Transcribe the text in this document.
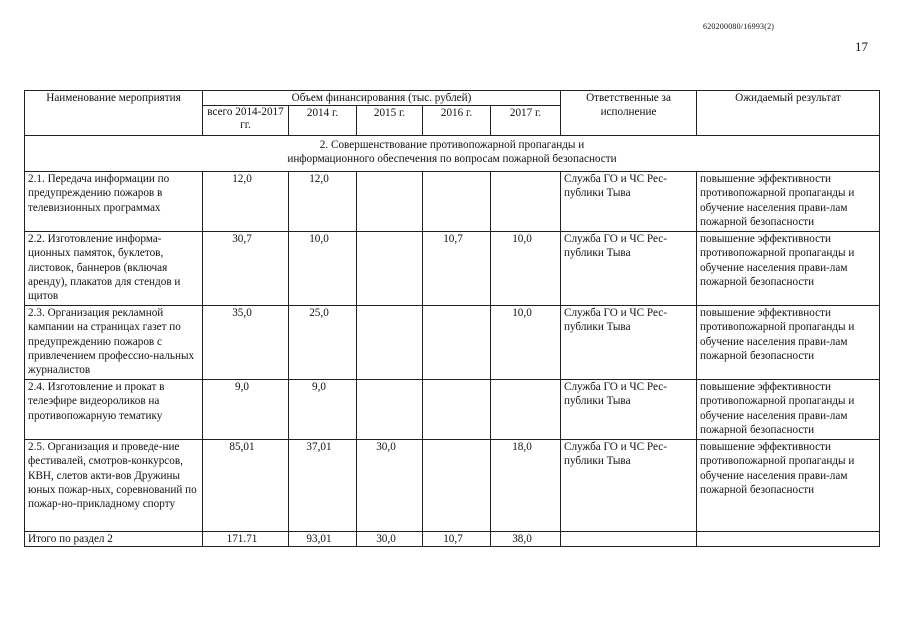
620200080/16993(2)
17
Наименование мероприятия	Объем финансирования (тыс. рублей)					Ответственные за исполнение	Ожидаемый результат
	всего 2014-2017 гг.	2014 г.	2015 г.	2016 г.	2017 г.		
2. Совершенствование противопожарной пропаганды и информационного обеспечения по вопросам пожарной безопасности							
2.1. Передача информации по предупреждению пожаров в телевизионных программах	12,0	12,0				Служба ГО и ЧС Рес-публики Тыва	повышение эффективности противопожарной пропаганды и обучение населения прави-лам пожарной безопасности
2.2. Изготовление информа-ционных памяток, буклетов, листовок, баннеров (включая аренду), плакатов для стендов и щитов	30,7	10,0		10,7	10,0	Служба ГО и ЧС Рес-публики Тыва	повышение эффективности противопожарной пропаганды и обучение населения прави-лам пожарной безопасности
2.3. Организация рекламной кампании на страницах газет по предупреждению пожаров с привлечением профессио-нальных журналистов	35,0	25,0			10,0	Служба ГО и ЧС Рес-публики Тыва	повышение эффективности противопожарной пропаганды и обучение населения прави-лам пожарной безопасности
2.4. Изготовление и прокат в телеэфире видеороликов на противопожарную тематику	9,0	9,0				Служба ГО и ЧС Рес-публики Тыва	повышение эффективности противопожарной пропаганды и обучение населения прави-лам пожарной безопасности
2.5. Организация и проведе-ние фестивалей, смотров-конкурсов, КВН, слетов акти-вов Дружины юных пожар-ных, соревнований по пожар-но-прикладному спорту	85,01	37,01	30,0		18,0	Служба ГО и ЧС Рес-публики Тыва	повышение эффективности противопожарной пропаганды и обучение населения прави-лам пожарной безопасности
Итого по раздел 2	171.71	93,01	30,0	10,7	38,0		
